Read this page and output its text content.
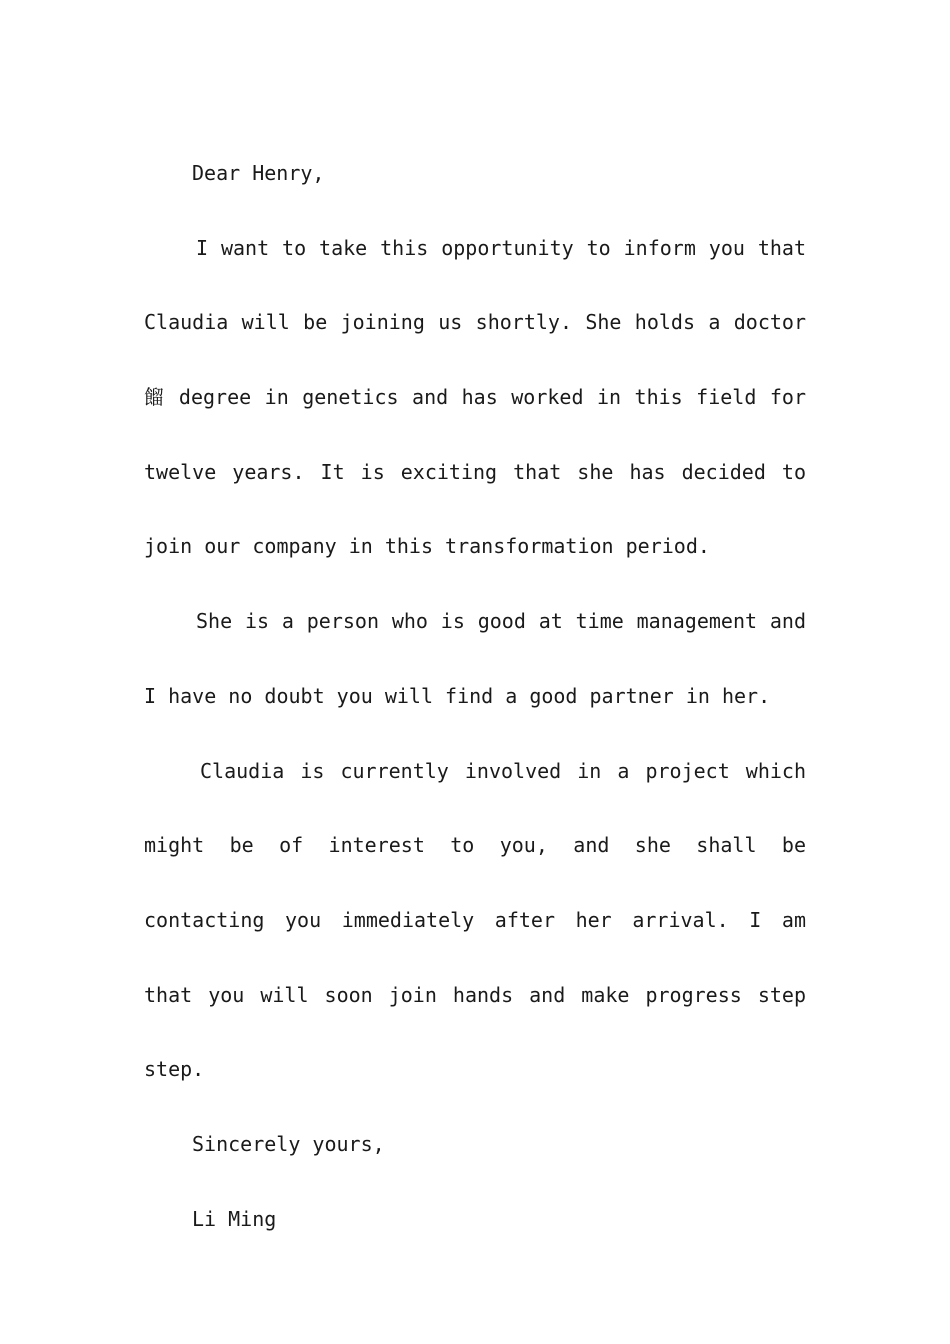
Dear Henry,
I want to take this opportunity to inform you that
Claudia will be joining us shortly. She holds a doctor
餾 degree in genetics and has worked in this field for
twelve years. It is exciting that she has decided to
join our company in this transformation period.
She is a person who is good at time management and
I have no doubt you will find a good partner in her.
Claudia is currently involved in a project which
might be of interest to you, and she shall be
contacting you immediately after her arrival. I am
that you will soon join hands and make progress step
step.
Sincerely yours,
Li Ming
